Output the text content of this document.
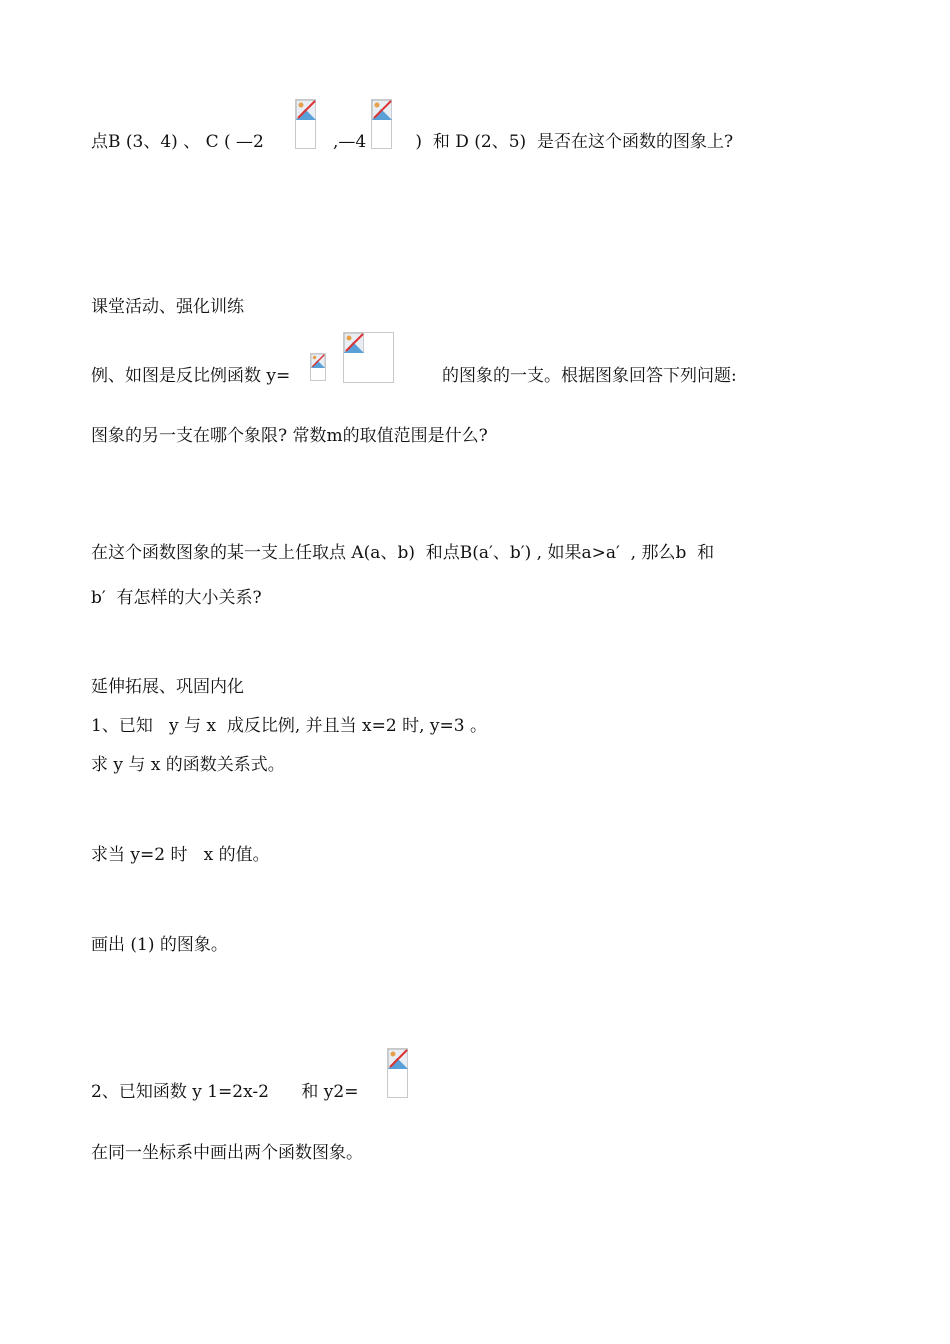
点B (3、4) 、 C ( —2	,—4	)  和 D (2、5)  是否在这个函数的图象上?
课堂活动、强化训练
例、如图是反比例函数 y=	的图象的一支。根据图象回答下列问题:
图象的另一支在哪个象限? 常数m的取值范围是什么?
在这个函数图象的某一支上任取点 A(a、b)  和点B(a′、b′) , 如果a>a′  , 那么b  和
b′  有怎样的大小关系?
延伸拓展、巩固内化
1、已知   y 与 x  成反比例, 并且当 x=2 时, y=3 。
求 y 与 x 的函数关系式。
求当 y=2 时   x 的值。
画出 (1) 的图象。
2、已知函数 y 1=2x-2      和 y2=
在同一坐标系中画出两个函数图象。
